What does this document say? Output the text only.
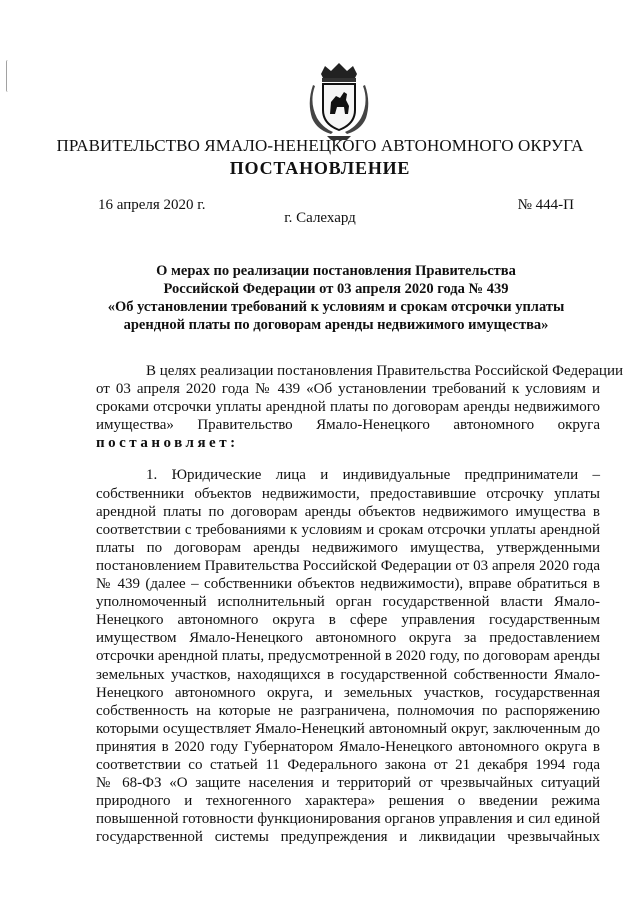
ПРАВИТЕЛЬСТВО ЯМАЛО-НЕНЕЦКОГО АВТОНОМНОГО ОКРУГА
ПОСТАНОВЛЕНИЕ
16 апреля 2020 г.	№ 444-П
г. Салехард
О мерах по реализации постановления Правительства
Российской Федерации от 03 апреля 2020 года № 439
«Об установлении требований к условиям и срокам отсрочки уплаты
арендной платы по договорам аренды недвижимого имущества»
В целях реализации постановления Правительства Российской Федерации
от 03 апреля 2020 года № 439 «Об установлении требований к условиям и
сроками отсрочки уплаты арендной платы по договорам аренды недвижимого
имущества» Правительство Ямало-Ненецкого автономного округа
постановляет:
1. Юридические лица и индивидуальные предприниматели –
собственники объектов недвижимости, предоставившие отсрочку уплаты
арендной платы по договорам аренды объектов недвижимого имущества в
соответствии с требованиями к условиям и срокам отсрочки уплаты арендной
платы по договорам аренды недвижимого имущества, утвержденными
постановлением Правительства Российской Федерации от 03 апреля 2020 года
№ 439 (далее – собственники объектов недвижимости), вправе обратиться в
уполномоченный исполнительный орган государственной власти Ямало-
Ненецкого автономного округа в сфере управления государственным
имуществом Ямало-Ненецкого автономного округа за предоставлением
отсрочки арендной платы, предусмотренной в 2020 году, по договорам аренды
земельных участков, находящихся в государственной собственности Ямало-
Ненецкого автономного округа, и земельных участков, государственная
собственность на которые не разграничена, полномочия по распоряжению
которыми осуществляет Ямало-Ненецкий автономный округ, заключенным до
принятия в 2020 году Губернатором Ямало-Ненецкого автономного округа в
соответствии со статьей 11 Федерального закона от 21 декабря 1994 года
№ 68-ФЗ «О защите населения и территорий от чрезвычайных ситуаций
природного и техногенного характера» решения о введении режима
повышенной готовности функционирования органов управления и сил единой
государственной системы предупреждения и ликвидации чрезвычайных
